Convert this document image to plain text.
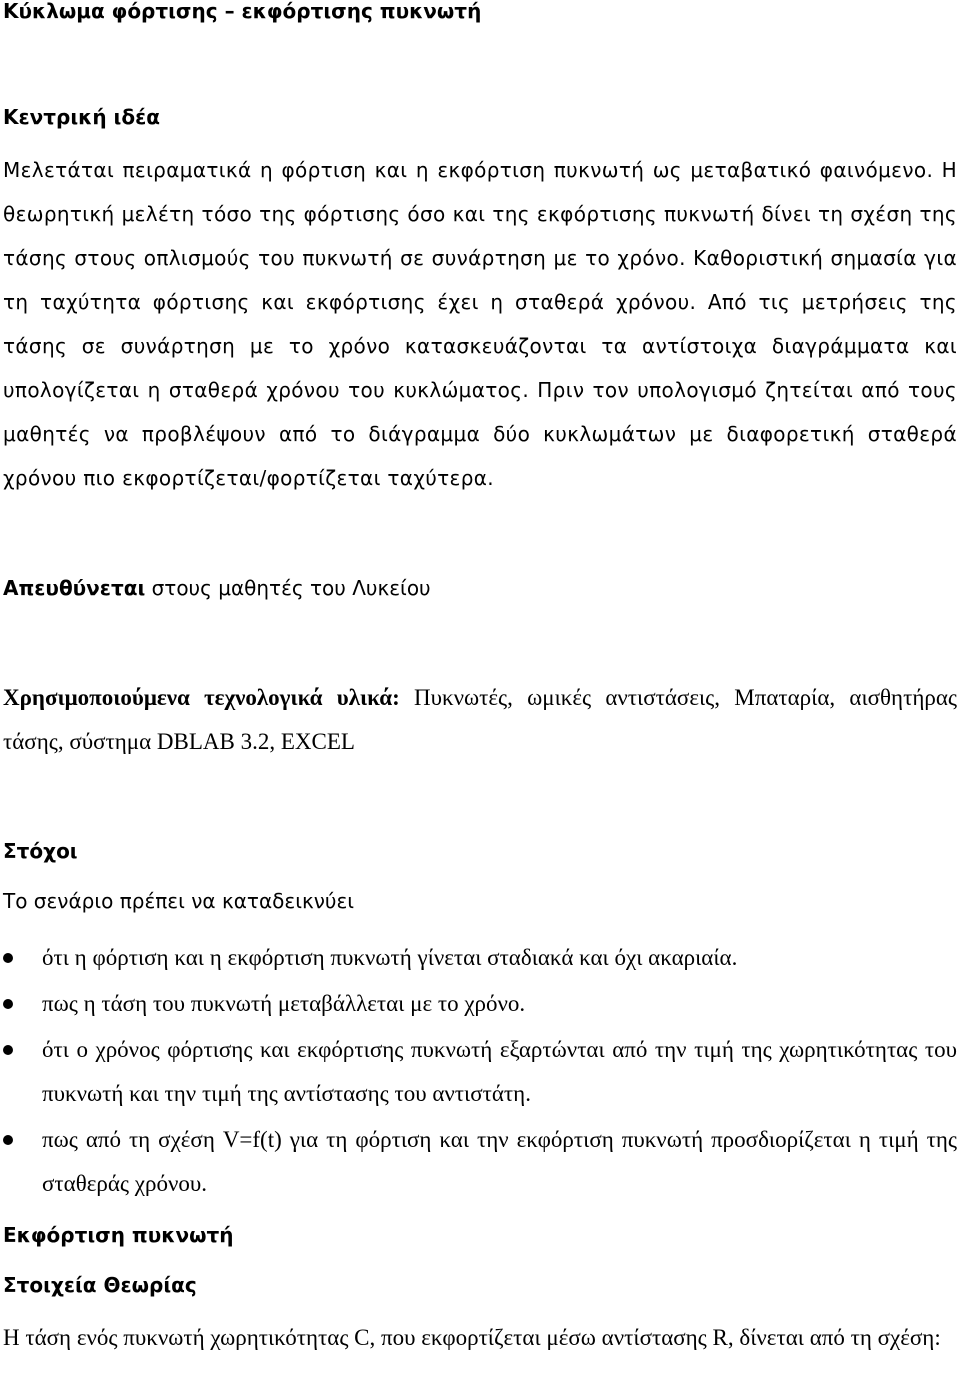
Κύκλωμα φόρτισης – εκφόρτισης πυκνωτή
Κεντρική ιδέα

Μελετάται πειραματικά η φόρτιση και η εκφόρτιση πυκνωτή ως μεταβατικό φαινόμενο. Η θεωρητική μελέτη τόσο της φόρτισης όσο και της εκφόρτισης πυκνωτή δίνει τη σχέση της τάσης στους οπλισμούς του πυκνωτή σε συνάρτηση με το χρόνο. Καθοριστική σημασία για τη ταχύτητα φόρτισης και εκφόρτισης έχει η σταθερά χρόνου. Από τις μετρήσεις της τάσης σε συνάρτηση με το χρόνο κατασκευάζονται τα αντίστοιχα διαγράμματα και υπολογίζεται η σταθερά χρόνου του κυκλώματος. Πριν τον υπολογισμό ζητείται από τους μαθητές να προβλέψουν από το διάγραμμα δύο κυκλωμάτων με διαφορετική σταθερά χρόνου πιο εκφορτίζεται/φορτίζεται ταχύτερα.

Απευθύνεται στους μαθητές του Λυκείου

Χρησιμοποιούμενα τεχνολογικά υλικά: Πυκνωτές, ωμικές αντιστάσεις, Μπαταρία, αισθητήρας τάσης, σύστημα DBLAB 3.2, EXCEL

Στόχοι
Το σενάριο πρέπει να καταδεικνύει
ότι η φόρτιση και η εκφόρτιση πυκνωτή γίνεται σταδιακά και όχι ακαριαία.
πως η τάση του πυκνωτή μεταβάλλεται με το χρόνο.
ότι ο χρόνος φόρτισης και εκφόρτισης πυκνωτή εξαρτώνται από την τιμή της χωρητικότητας του πυκνωτή και την τιμή της αντίστασης του αντιστάτη.
πως από τη σχέση V=f(t) για τη φόρτιση και την εκφόρτιση πυκνωτή προσδιορίζεται η τιμή της σταθεράς χρόνου.
Εκφόρτιση πυκνωτή
Στοιχεία Θεωρίας

Η τάση ενός πυκνωτή χωρητικότητας C, που εκφορτίζεται μέσω αντίστασης R, δίνεται από τη σχέση:
